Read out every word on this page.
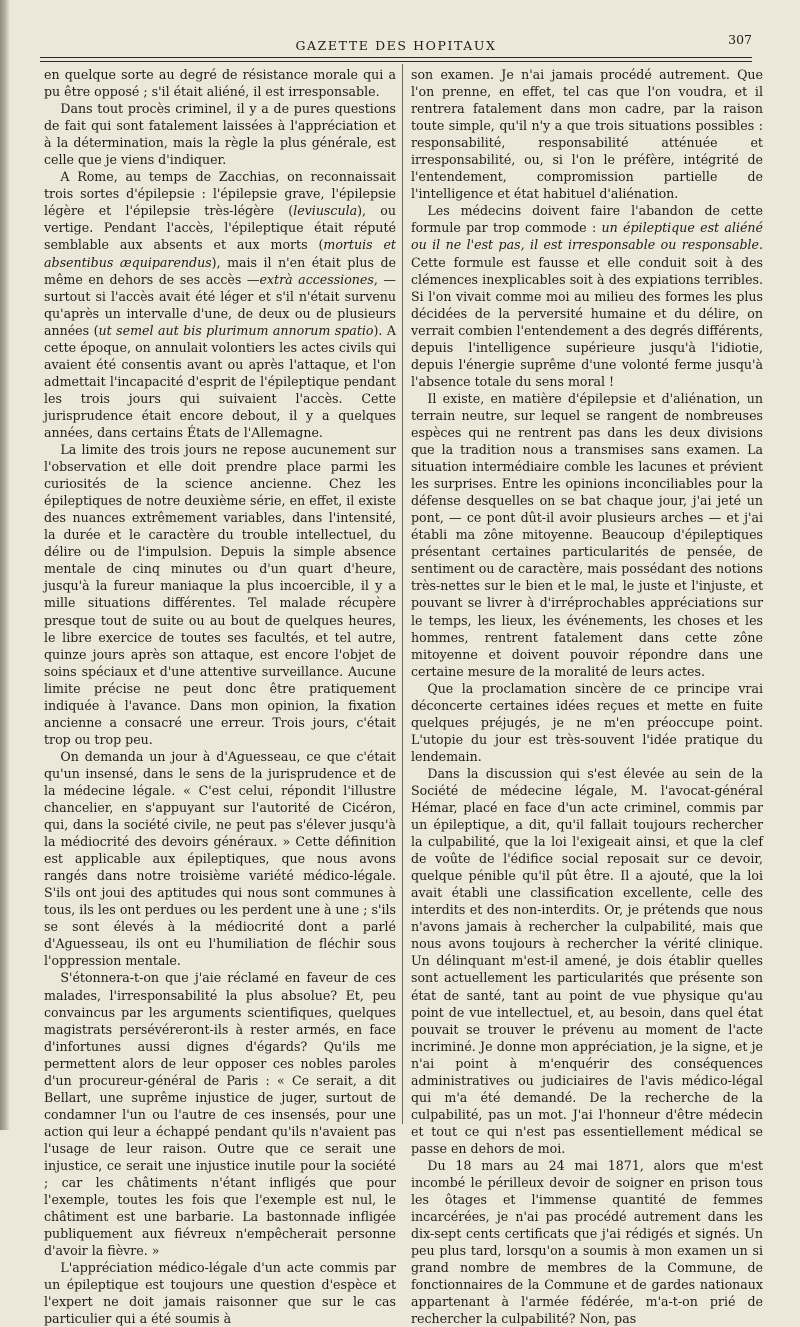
GAZETTE DES HOPITAUX	307

en quelque sorte au degré de résistance morale qui a pu être opposé ; s'il était aliéné, il est irresponsable.

Dans tout procès criminel, il y a de pures questions de fait qui sont fatalement laissées à l'appréciation et à la détermination, mais la règle la plus générale, est celle que je viens d'indiquer.

A Rome, au temps de Zacchias, on reconnaissait trois sortes d'épilepsie : l'épilepsie grave, l'épilepsie légère et l'épilepsie très-légère (leviuscula), ou vertige. Pendant l'accès, l'épileptique était réputé semblable aux absents et aux morts (mortuis et absentibus æquiparendus), mais il n'en était plus de même en dehors de ses accès —extrà accessiones, — surtout si l'accès avait été léger et s'il n'était survenu qu'après un intervalle d'une, de deux ou de plusieurs années (ut semel aut bis plurimum annorum spatio). A cette époque, on annulait volontiers les actes civils qui avaient été consentis avant ou après l'attaque, et l'on admettait l'incapacité d'esprit de l'épileptique pendant les trois jours qui suivaient l'accès. Cette jurisprudence était encore debout, il y a quelques années, dans certains États de l'Allemagne.

La limite des trois jours ne repose aucunement sur l'observation et elle doit prendre place parmi les curiosités de la science ancienne. Chez les épileptiques de notre deuxième série, en effet, il existe des nuances extrêmement variables, dans l'intensité, la durée et le caractère du trouble intellectuel, du délire ou de l'impulsion. Depuis la simple absence mentale de cinq minutes ou d'un quart d'heure, jusqu'à la fureur maniaque la plus incoercible, il y a mille situations différentes. Tel malade récupère presque tout de suite ou au bout de quelques heures, le libre exercice de toutes ses facultés, et tel autre, quinze jours après son attaque, est encore l'objet de soins spéciaux et d'une attentive surveillance. Aucune limite précise ne peut donc être pratiquement indiquée à l'avance. Dans mon opinion, la fixation ancienne a consacré une erreur. Trois jours, c'était trop ou trop peu.

On demanda un jour à d'Aguesseau, ce que c'était qu'un insensé, dans le sens de la jurisprudence et de la médecine légale. « C'est celui, répondit l'illustre chancelier, en s'appuyant sur l'autorité de Cicéron, qui, dans la société civile, ne peut pas s'élever jusqu'à la médiocrité des devoirs généraux. » Cette définition est applicable aux épileptiques, que nous avons rangés dans notre troisième variété médico-légale. S'ils ont joui des aptitudes qui nous sont communes à tous, ils les ont perdues ou les perdent une à une ; s'ils se sont élevés à la médiocrité dont a parlé d'Aguesseau, ils ont eu l'humiliation de fléchir sous l'oppression mentale.

S'étonnera-t-on que j'aie réclamé en faveur de ces malades, l'irresponsabilité la plus absolue? Et, peu convaincus par les arguments scientifiques, quelques magistrats persévéreront-ils à rester armés, en face d'infortunes aussi dignes d'égards? Qu'ils me permettent alors de leur opposer ces nobles paroles d'un procureur-général de Paris : « Ce serait, a dit Bellart, une suprême injustice de juger, surtout de condamner l'un ou l'autre de ces insensés, pour une action qui leur a échappé pendant qu'ils n'avaient pas l'usage de leur raison. Outre que ce serait une injustice, ce serait une injustice inutile pour la société ; car les châtiments n'étant infligés que pour l'exemple, toutes les fois que l'exemple est nul, le châtiment est une barbarie. La bastonnade infligée publiquement aux fiévreux n'empêcherait personne d'avoir la fièvre. »

L'appréciation médico-légale d'un acte commis par un épileptique est toujours une question d'espèce et l'expert ne doit jamais raisonner que sur le cas particulier qui a été soumis à

son examen. Je n'ai jamais procédé autrement. Que l'on prenne, en effet, tel cas que l'on voudra, et il rentrera fatalement dans mon cadre, par la raison toute simple, qu'il n'y a que trois situations possibles : responsabilité, responsabilité atténuée et irresponsabilité, ou, si l'on le préfère, intégrité de l'entendement, compromission partielle de l'intelligence et état habituel d'aliénation.

Les médecins doivent faire l'abandon de cette formule par trop commode : un épileptique est aliéné ou il ne l'est pas, il est irresponsable ou responsable. Cette formule est fausse et elle conduit soit à des clémences inexplicables soit à des expiations terribles. Si l'on vivait comme moi au milieu des formes les plus décidées de la perversité humaine et du délire, on verrait combien l'entendement a des degrés différents, depuis l'intelligence supérieure jusqu'à l'idiotie, depuis l'énergie suprême d'une volonté ferme jusqu'à l'absence totale du sens moral !

Il existe, en matière d'épilepsie et d'aliénation, un terrain neutre, sur lequel se rangent de nombreuses espèces qui ne rentrent pas dans les deux divisions que la tradition nous a transmises sans examen. La situation intermédiaire comble les lacunes et prévient les surprises. Entre les opinions inconciliables pour la défense desquelles on se bat chaque jour, j'ai jeté un pont, — ce pont dût-il avoir plusieurs arches — et j'ai établi ma zône mitoyenne. Beaucoup d'épileptiques présentant certaines particularités de pensée, de sentiment ou de caractère, mais possédant des notions très-nettes sur le bien et le mal, le juste et l'injuste, et pouvant se livrer à d'irréprochables appréciations sur le temps, les lieux, les événements, les choses et les hommes, rentrent fatalement dans cette zône mitoyenne et doivent pouvoir répondre dans une certaine mesure de la moralité de leurs actes.

Que la proclamation sincère de ce principe vrai déconcerte certaines idées reçues et mette en fuite quelques préjugés, je ne m'en préoccupe point. L'utopie du jour est très-souvent l'idée pratique du lendemain.

Dans la discussion qui s'est élevée au sein de la Société de médecine légale, M. l'avocat-général Hémar, placé en face d'un acte criminel, commis par un épileptique, a dit, qu'il fallait toujours rechercher la culpabilité, que la loi l'exigeait ainsi, et que la clef de voûte de l'édifice social reposait sur ce devoir, quelque pénible qu'il pût être. Il a ajouté, que la loi avait établi une classification excellente, celle des interdits et des non-interdits. Or, je prétends que nous n'avons jamais à rechercher la culpabilité, mais que nous avons toujours à rechercher la vérité clinique. Un délinquant m'est-il amené, je dois établir quelles sont actuellement les particularités que présente son état de santé, tant au point de vue physique qu'au point de vue intellectuel, et, au besoin, dans quel état pouvait se trouver le prévenu au moment de l'acte incriminé. Je donne mon appréciation, je la signe, et je n'ai point à m'enquérir des conséquences administratives ou judiciaires de l'avis médico-légal qui m'a été demandé. De la recherche de la culpabilité, pas un mot. J'ai l'honneur d'être médecin et tout ce qui n'est pas essentiellement médical se passe en dehors de moi.

Du 18 mars au 24 mai 1871, alors que m'est incombé le périlleux devoir de soigner en prison tous les ôtages et l'immense quantité de femmes incarcérées, je n'ai pas procédé autrement dans les dix-sept cents certificats que j'ai rédigés et signés. Un peu plus tard, lorsqu'on a soumis à mon examen un si grand nombre de membres de la Commune, de fonctionnaires de la Commune et de gardes nationaux appartenant à l'armée fédérée, m'a-t-on prié de rechercher la culpabilité? Non, pas
